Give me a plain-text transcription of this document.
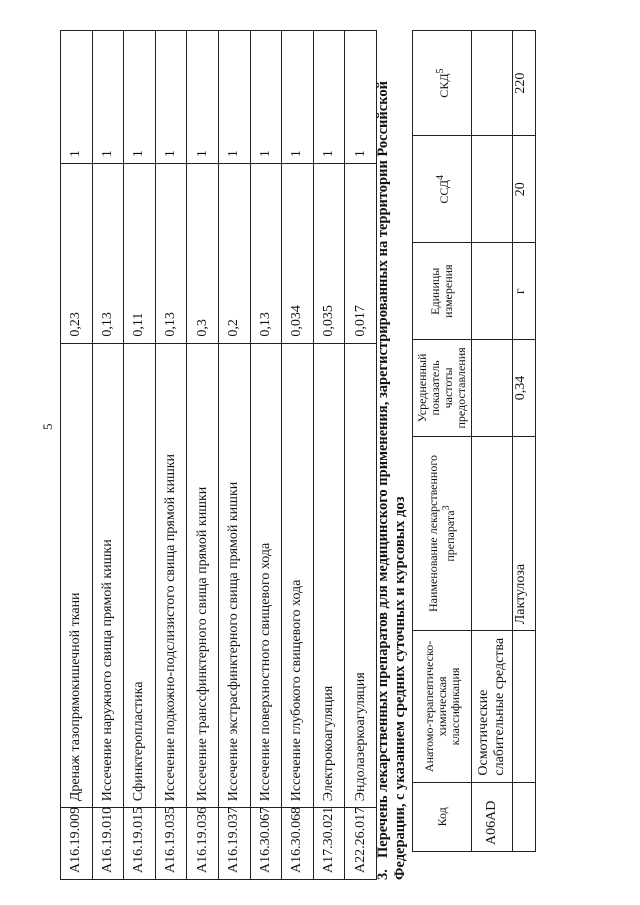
5
A16.19.009	Дренаж тазопрямокишечной ткани	0,23	1
A16.19.010	Иссечение наружного свища прямой кишки	0,13	1
A16.19.015	Сфинктеропластика	0,11	1
A16.19.035	Иссечение подкожно-подслизистого свища прямой кишки	0,13	1
A16.19.036	Иссечение транссфинктерного свища прямой кишки	0,3	1
A16.19.037	Иссечение экстрасфинктерного свища прямой кишки	0,2	1
A16.30.067	Иссечение поверхностного свищевого хода	0,13	1
A16.30.068	Иссечение глубокого свищевого хода	0,034	1
A17.30.021	Электрокоагуляция	0,035	1
A22.26.017	Эндолазеркоагуляция	0,017	1
3.Перечень лекарственных препаратов для медицинского применения, зарегистрированных на территории Российской Федерации, с указанием средних суточных и курсовых доз Код	Анатомо-терапевтическо-химическая классификация	Наименование лекарственного препарата$^3$	Усредненный показатель частоты предоставления	Единицы измерения	ССД$^4$	СКД$^5$
A06AD	Осмотические слабительные средства					
		Лактулоза	0,34	г	20	220
